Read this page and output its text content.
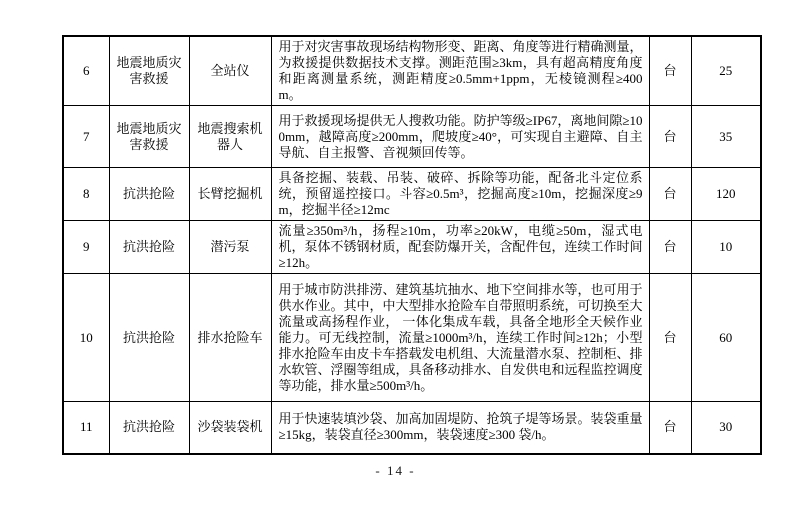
6	地震地质灾害救援	全站仪	用于对灾害事故现场结构物形变、距离、角度等进行精确测量，为救援提供数据技术支撑。测距范围≥3km，具有超高精度角度和距离测量系统，测距精度≥0.5mm+1ppm，无棱镜测程≥400m。	台	25
7	地震地质灾害救援	地震搜索机器人	用于救援现场提供无人搜救功能。防护等级≥IP67，离地间隙≥100mm，越障高度≥200mm，爬坡度≥40°，可实现自主避障、自主导航、自主报警、音视频回传等。	台	35
8	抗洪抢险	长臂挖掘机	具备挖掘、装载、吊装、破碎、拆除等功能，配备北斗定位系统，预留遥控接口。斗容≥0.5m³，挖掘高度≥10m，挖掘深度≥9m，挖掘半径≥12mc	台	120
9	抗洪抢险	潜污泵	流量≥350m³/h，扬程≥10m，功率≥20kW，电缆≥50m，湿式电机，泵体不锈钢材质，配套防爆开关，含配件包，连续工作时间≥12h。	台	10
10	抗洪抢险	排水抢险车	用于城市防洪排涝、建筑基坑抽水、地下空间排水等，也可用于供水作业。其中，中大型排水抢险车自带照明系统，可切换至大流量或高扬程作业， 一体化集成车载，具备全地形全天候作业能力。可无线控制，流量≥1000m³/h，连续工作时间≥12h；小型排水抢险车由皮卡车搭载发电机组、大流量潜水泵、控制柜、排水软管、浮圈等组成，具备移动排水、自发供电和远程监控调度等功能，排水量≥500m³/h。	台	60
11	抗洪抢险	沙袋装袋机	用于快速装填沙袋、加高加固堤防、抢筑子堤等场景。装袋重量≥15kg，装袋直径≥300mm，装袋速度≥300 袋/h。	台	30
- 14 -
